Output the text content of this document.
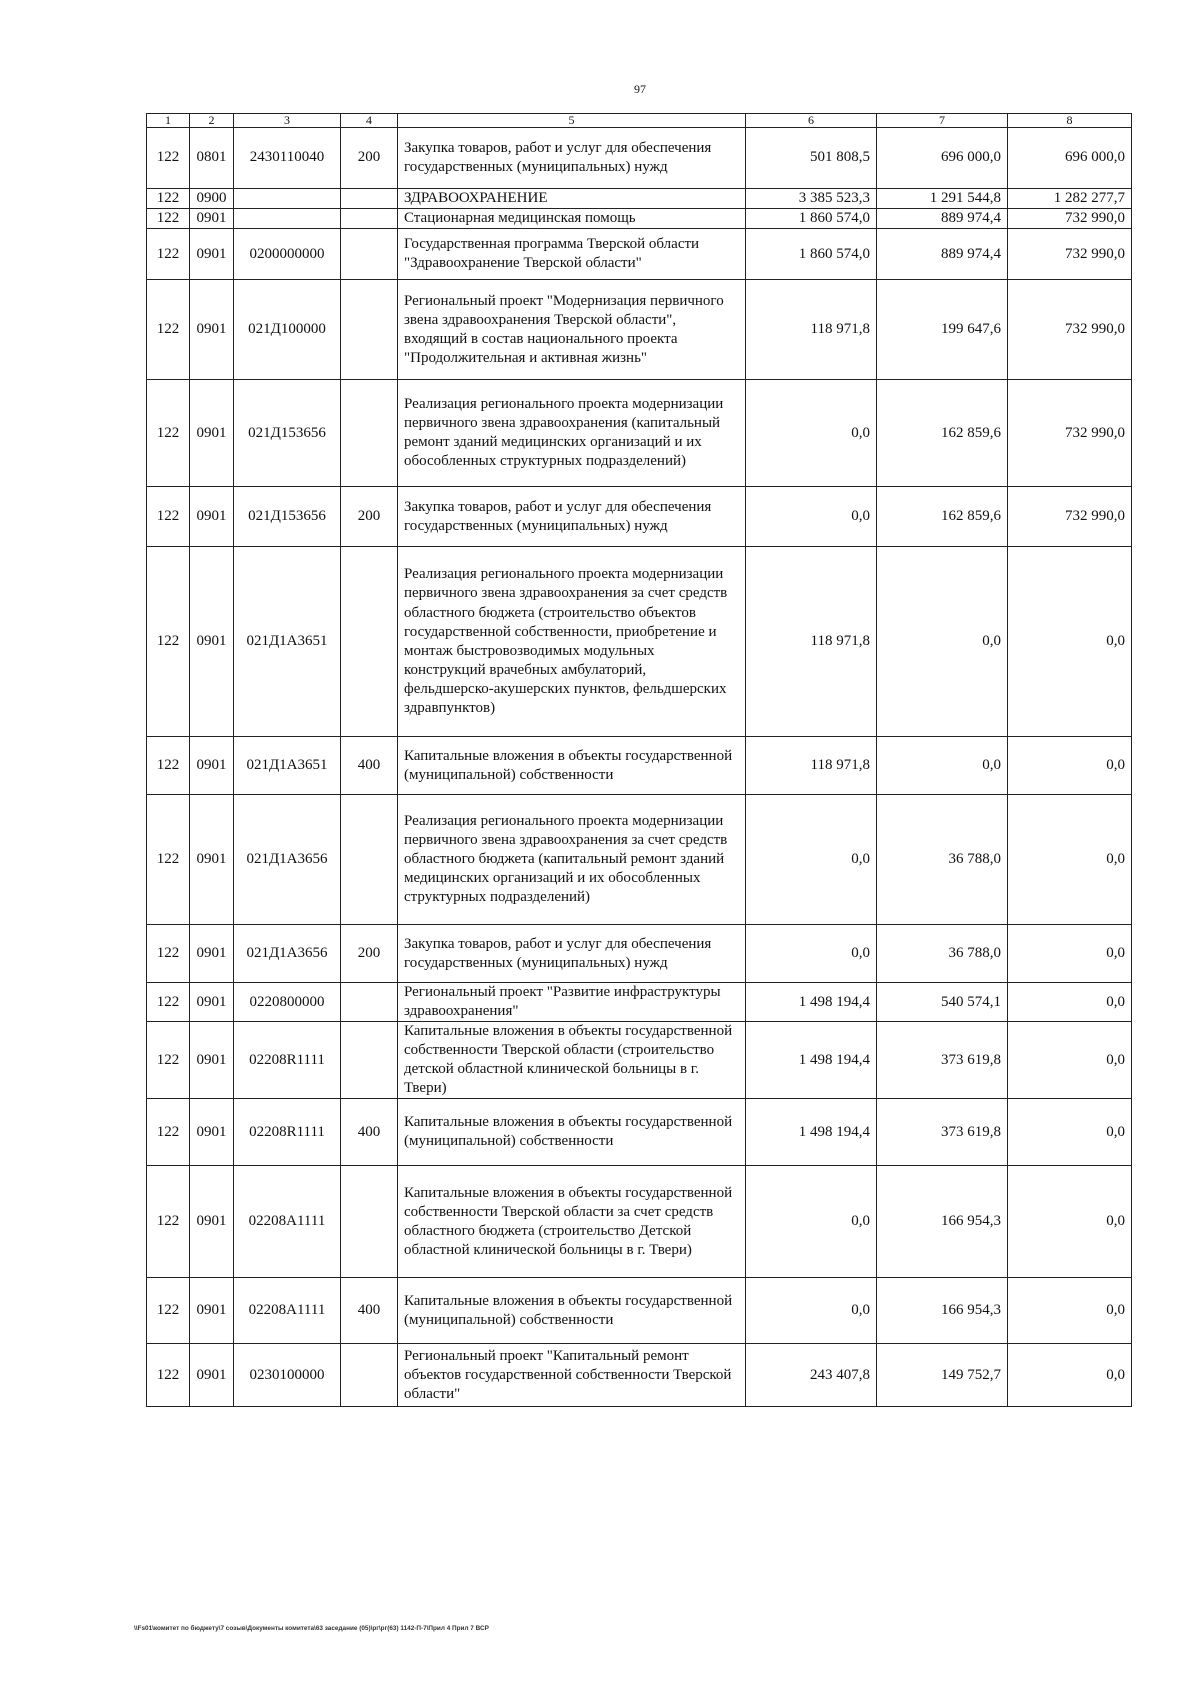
97
1	2	3	4	5	6	7	8
122	0801	2430110040	200	Закупка товаров, работ и услуг для обеспечения государственных (муниципальных) нужд	501 808,5	696 000,0	696 000,0
122	0900			ЗДРАВООХРАНЕНИЕ	3 385 523,3	1 291 544,8	1 282 277,7
122	0901			Стационарная медицинская помощь	1 860 574,0	889 974,4	732 990,0
122	0901	0200000000		Государственная программа Тверской области "Здравоохранение Тверской области"	1 860 574,0	889 974,4	732 990,0
122	0901	021Д100000		Региональный проект "Модернизация первичного звена здравоохранения Тверской области", входящий в состав национального проекта "Продолжительная и активная жизнь"	118 971,8	199 647,6	732 990,0
122	0901	021Д153656		Реализация регионального проекта модернизации первичного звена здравоохранения (капитальный ремонт зданий медицинских организаций и их обособленных структурных подразделений)	0,0	162 859,6	732 990,0
122	0901	021Д153656	200	Закупка товаров, работ и услуг для обеспечения государственных (муниципальных) нужд	0,0	162 859,6	732 990,0
122	0901	021Д1А3651		Реализация регионального проекта модернизации первичного звена здравоохранения за счет средств областного бюджета (строительство объектов государственной собственности, приобретение и монтаж быстровозводимых модульных конструкций врачебных амбулаторий, фельдшерско-акушерских пунктов, фельдшерских здравпунктов)	118 971,8	0,0	0,0
122	0901	021Д1А3651	400	Капитальные вложения в объекты государственной (муниципальной) собственности	118 971,8	0,0	0,0
122	0901	021Д1А3656		Реализация регионального проекта модернизации первичного звена здравоохранения за счет средств областного бюджета (капитальный ремонт зданий медицинских организаций и их обособленных структурных подразделений)	0,0	36 788,0	0,0
122	0901	021Д1А3656	200	Закупка товаров, работ и услуг для обеспечения государственных (муниципальных) нужд	0,0	36 788,0	0,0
122	0901	0220800000		Региональный проект "Развитие инфраструктуры здравоохранения"	1 498 194,4	540 574,1	0,0
122	0901	02208R1111		Капитальные вложения в объекты государственной собственности Тверской области (строительство детской областной клинической больницы в г. Твери)	1 498 194,4	373 619,8	0,0
122	0901	02208R1111	400	Капитальные вложения в объекты государственной (муниципальной) собственности	1 498 194,4	373 619,8	0,0
122	0901	02208А1111		Капитальные вложения в объекты государственной собственности Тверской области за счет средств областного бюджета (строительство Детской областной клинической больницы в г. Твери)	0,0	166 954,3	0,0
122	0901	02208А1111	400	Капитальные вложения в объекты государственной (муниципальной) собственности	0,0	166 954,3	0,0
122	0901	0230100000		Региональный проект "Капитальный ремонт объектов государственной собственности Тверской области"	243 407,8	149 752,7	0,0
\\Fs01\комитет по бюджету\7 созыв\Документы комитета\63 заседание (05)\рг\рг(63) 1142-П-7\Прил 4 Прил 7 ВСР
